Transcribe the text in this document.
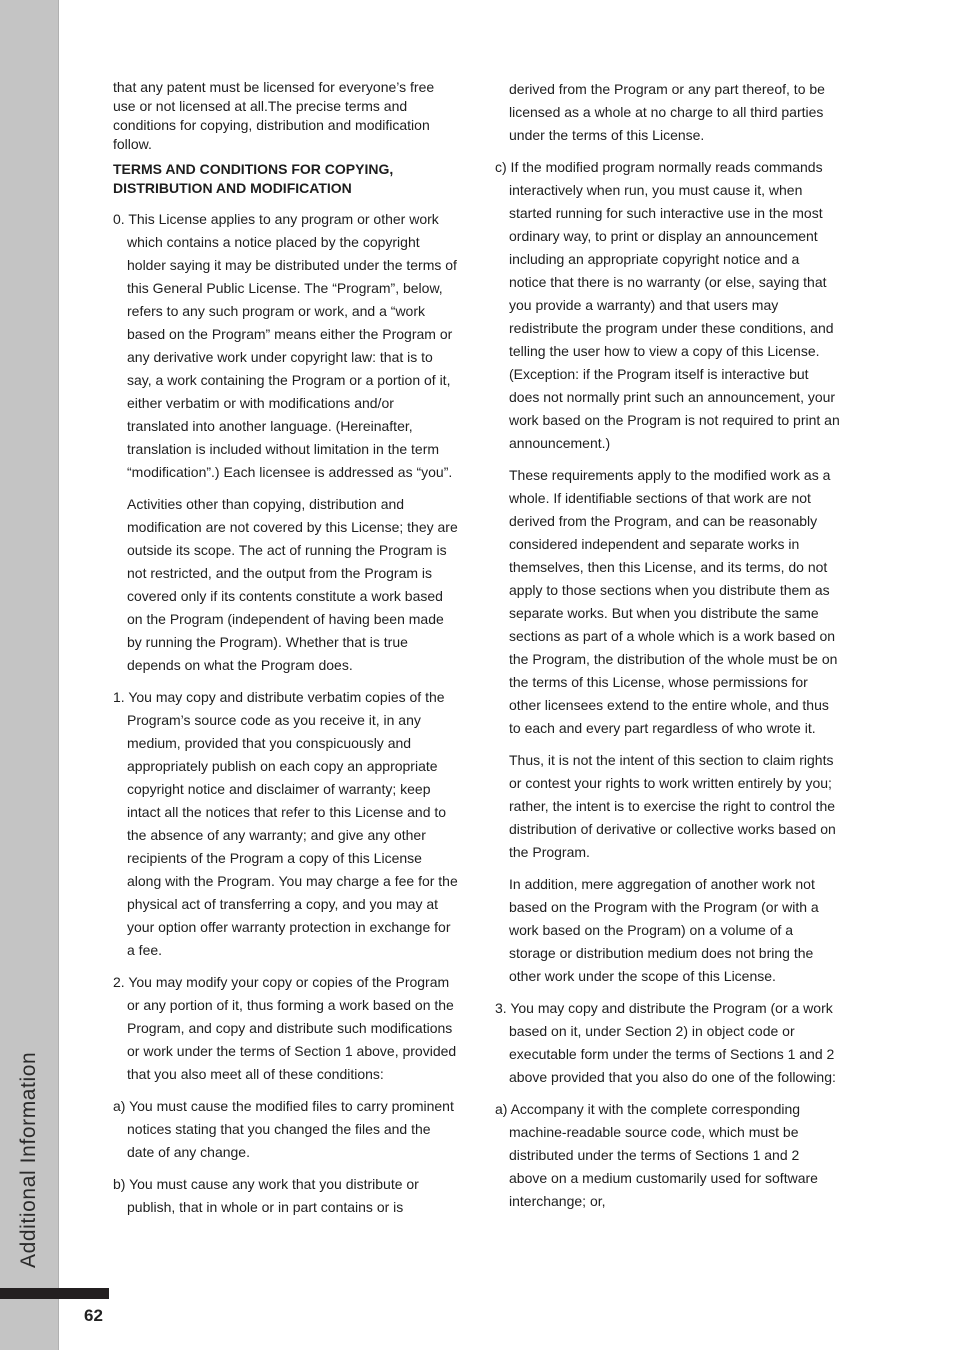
Additional Information
62

that any patent must be licensed for everyone’s free use or not licensed at all.The precise terms and conditions for copying, distribution and modification follow.

TERMS AND CONDITIONS FOR COPYING, DISTRIBUTION AND MODIFICATION

0. This License applies to any program or other work which contains a notice placed by the copyright holder saying it may be distributed under the terms of this General Public License. The “Program”, below, refers to any such program or work, and a “work based on the Program” means either the Program or any derivative work under copyright law: that is to say, a work containing the Program or a portion of it, either verbatim or with modifications and/or translated into another language. (Hereinafter, translation is included without limitation in the term “modification”.) Each licensee is addressed as “you”.

Activities other than copying, distribution and modification are not covered by this License; they are outside its scope. The act of running the Program is not restricted, and the output from the Program is covered only if its contents constitute a work based on the Program (independent of having been made by running the Program). Whether that is true depends on what the Program does.

1. You may copy and distribute verbatim copies of the Program’s source code as you receive it, in any medium, provided that you conspicuously and appropriately publish on each copy an appropriate copyright notice and disclaimer of warranty; keep intact all the notices that refer to this License and to the absence of any warranty; and give any other recipients of the Program a copy of this License along with the Program. You may charge a fee for the physical act of transferring a copy, and you may at your option offer warranty protection in exchange for a fee.

2. You may modify your copy or copies of the Program or any portion of it, thus forming a work based on the Program, and copy and distribute such modifications or work under the terms of Section 1 above, provided that you also meet all of these conditions:

a) You must cause the modified files to carry prominent notices stating that you changed the files and the date of any change.

b) You must cause any work that you distribute or publish, that in whole or in part contains or is

derived from the Program or any part thereof, to be licensed as a whole at no charge to all third parties under the terms of this License.

c) If the modified program normally reads commands interactively when run, you must cause it, when started running for such interactive use in the most ordinary way, to print or display an announcement including an appropriate copyright notice and a notice that there is no warranty (or else, saying that you provide a warranty) and that users may redistribute the program under these conditions, and telling the user how to view a copy of this License. (Exception: if the Program itself is interactive but does not normally print such an announcement, your work based on the Program is not required to print an announcement.)

These requirements apply to the modified work as a whole. If identifiable sections of that work are not derived from the Program, and can be reasonably considered independent and separate works in themselves, then this License, and its terms, do not apply to those sections when you distribute them as separate works. But when you distribute the same sections as part of a whole which is a work based on the Program, the distribution of the whole must be on the terms of this License, whose permissions for other licensees extend to the entire whole, and thus to each and every part regardless of who wrote it.

Thus, it is not the intent of this section to claim rights or contest your rights to work written entirely by you; rather, the intent is to exercise the right to control the distribution of derivative or collective works based on the Program.

In addition, mere aggregation of another work not based on the Program with the Program (or with a work based on the Program) on a volume of a storage or distribution medium does not bring the other work under the scope of this License.

3. You may copy and distribute the Program (or a work based on it, under Section 2) in object code or executable form under the terms of Sections 1 and 2 above provided that you also do one of the following:

a) Accompany it with the complete corresponding machine-readable source code, which must be distributed under the terms of Sections 1 and 2 above on a medium customarily used for software interchange; or,
